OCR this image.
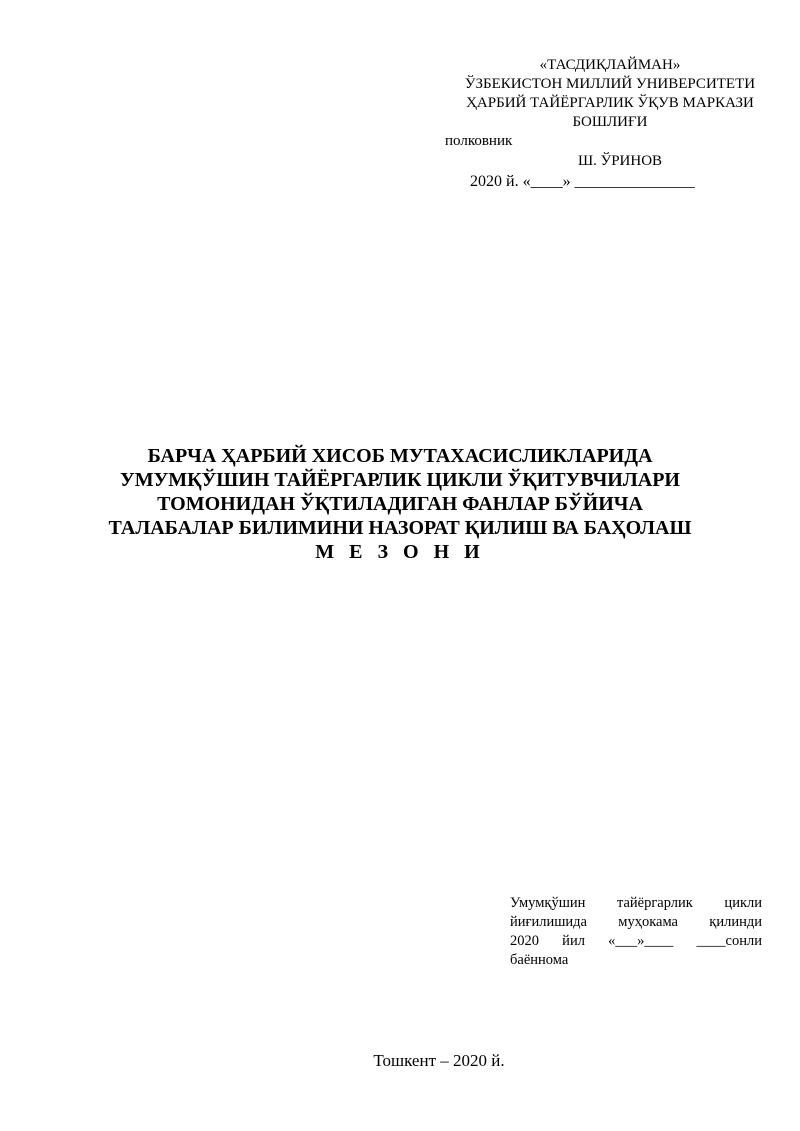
«ТАСДИҚЛАЙМАН»
ЎЗБЕКИСТОН МИЛЛИЙ УНИВЕРСИТЕТИ
ҲАРБИЙ ТАЙЁРГАРЛИК ЎҚУВ МАРКАЗИ
БОШЛИҒИ
полковник
Ш. ЎРИНОВ
2020 й. «____» _______________
БАРЧА ҲАРБИЙ ХИСОБ МУТАХАСИСЛИКЛАРИДА
УМУМҚЎШИН ТАЙЁРГАРЛИК ЦИКЛИ ЎҚИТУВЧИЛАРИ
ТОМОНИДАН ЎҚТИЛАДИГАН ФАНЛАР БЎЙИЧА
ТАЛАБАЛАР БИЛИМИНИ НАЗОРАТ ҚИЛИШ ВА БАҲОЛАШ
М Е З О Н И
Умумқўшин тайёргарлик цикли
йиғилишида муҳокама қилинди
2020 йил «___»____ ____сонли
баённома
Тошкент – 2020 й.
